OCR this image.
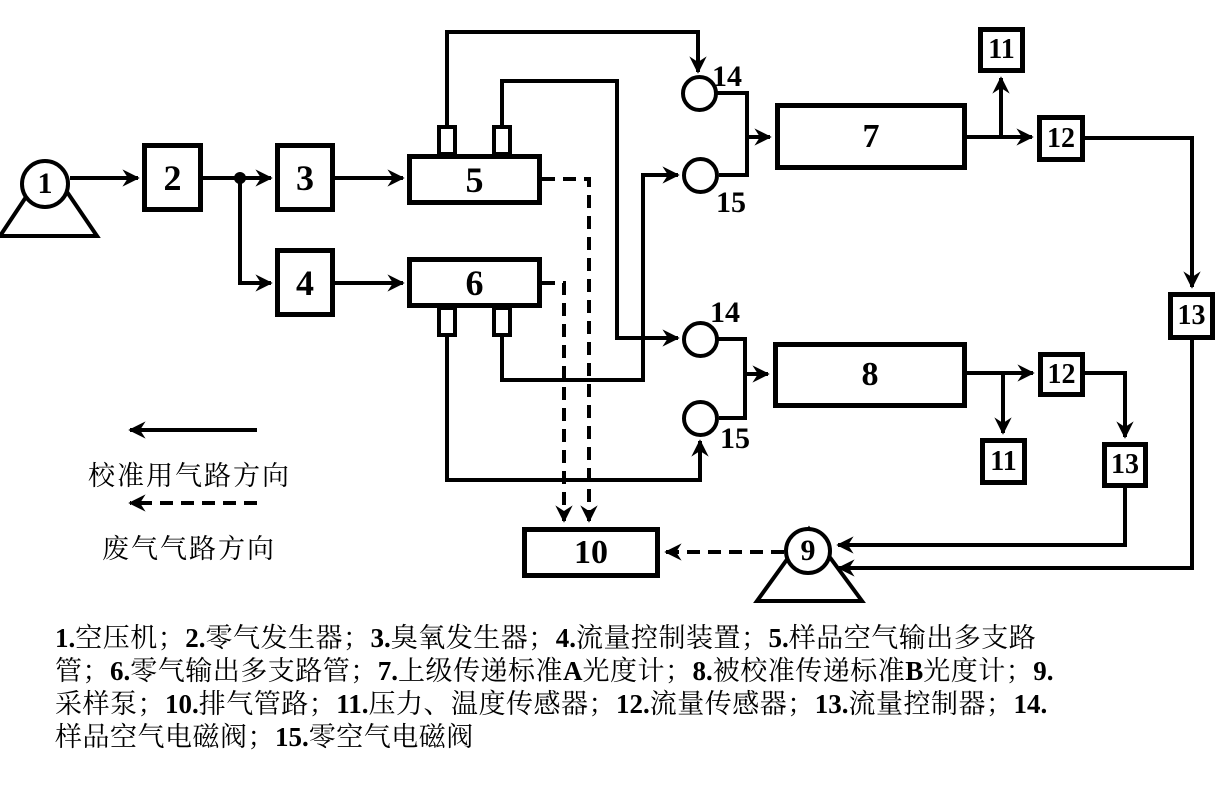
校准用气路方向
废气气路方向
1.空压机；2.零气发生器；3.臭氧发生器；4.流量控制装置；5.样品空气输出多支路
管；6.零气输出多支路管；7.上级传递标准A光度计；8.被校准传递标准B光度计；9.
采样泵；10.排气管路；11.压力、温度传感器；12.流量传感器；13.流量控制器；14.
样品空气电磁阀；15.零空气电磁阀
1	2	3
4
5
6
7
8
11
12
13
11
12
13
10	9
14
15
14
15
